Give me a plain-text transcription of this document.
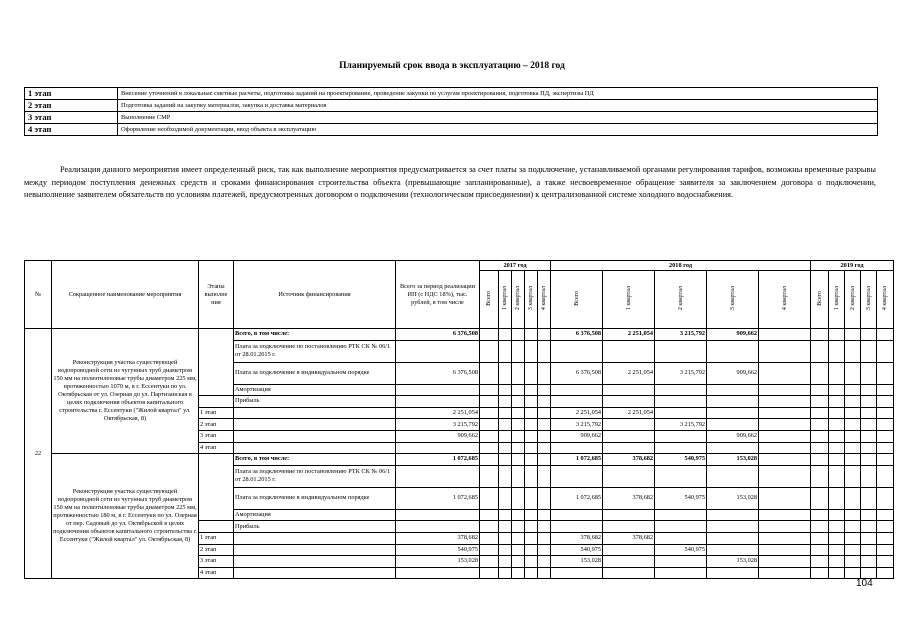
Планируемый срок ввода в эксплуатацию – 2018 год
1 этап	Внесение уточнений в локальные сметные расчеты, подготовка заданий на проектирование, проведение закупки по услугам проектирования, подготовка ПД, экспертизы ПД
2 этап	Подготовка заданий на закупку материалов, закупка и доставка материалов
3 этап	Выполнение СМР
4 этап	Оформление необходимой документации, ввод объекта в эксплуатацию

Реализация данного мероприятия имеет определенный риск, так как выполнение мероприятия предусматривается за счет платы за подключение, устанавливаемой органами регулирования тарифов, возможны временные разрывы между периодом поступления денежных средств и сроками финансирования строительства объекта (превышающие запланированные), а также несвоевременное обращение заявителя за заключением договора о подключении, невыполнение заявителем обязательств по условиям платежей, предусмотренных договором о подключении (технологическом присоединении) к централизованной системе холодного водоснабжения.

№	Сокращенное наименование мероприятия	Этапы выполне ния	Источник финансирования	Всего за период реализации ИП (с НДС 18%), тыс. рублей, в том числе	2017 год					2018 год					2019 год				
					Всего	1 квартал	2 квартал	3 квартал	4 квартал	Всего	1 квартал	2 квартал	3 квартал	4 квартал	Всего	1 квартал	2 квартал	3 квартал	4 квартал
22	Реконструкция участка существующей водопроводной сети из чугунных труб диаметром 150 мм на полиэтиленовые трубы диаметром 225 мм, протяженностью 1070 м, в г. Ессентуки по ул. Октябрьская от ул. Озерная до ул. Партизанская в целях подключения объектов капитального строительства г. Ессентуки ("Жилой квартал" ул. Октябрьская, 8)		Всего, в том числе:	6 376,508						6 376,508	2 251,054	3 215,792	909,662						
			Плата за подключение по постановлению РТК СК № 06/1 от 28.01.2015 г.																
			Плата за подключение в индивидуальном порядке	6 376,508						6 376,508	2 251,054	3 215,792	909,662						
			Амортизация																
			Прибыль																
		1 этап		2 251,054						2 251,054	2 251,054								
		2 этап		3 215,792						3 215,792		3 215,792							
		3 этап		909,662						909,662			909,662						
		4 этап																	
	Реконструкция участка существующей водопроводной сети из чугунных труб диаметром 150 мм на полиэтиленовые трубы диаметром 225 мм, протяженностью 180 м, в г. Ессентуки по ул. Озерная от пер. Садовый до ул. Октябрьской в целях подключения объектов капитального строительства г. Ессентуки ("Жилой квартал" ул. Октябрьская, 8)		Всего, в том числе:	1 072,685						1 072,685	378,682	540,975	153,028						
			Плата за подключение по постановлению РТК СК № 06/1 от 28.01.2015 г.																
			Плата за подключение в индивидуальном порядке	1 072,685						1 072,685	378,682	540,975	153,028						
			Амортизация																
			Прибыль																
		1 этап		378,682						378,682	378,682								
		2 этап		540,975						540,975		540,975							
		3 этап		153,028						153,028			153,028						
		4 этап																	
104
